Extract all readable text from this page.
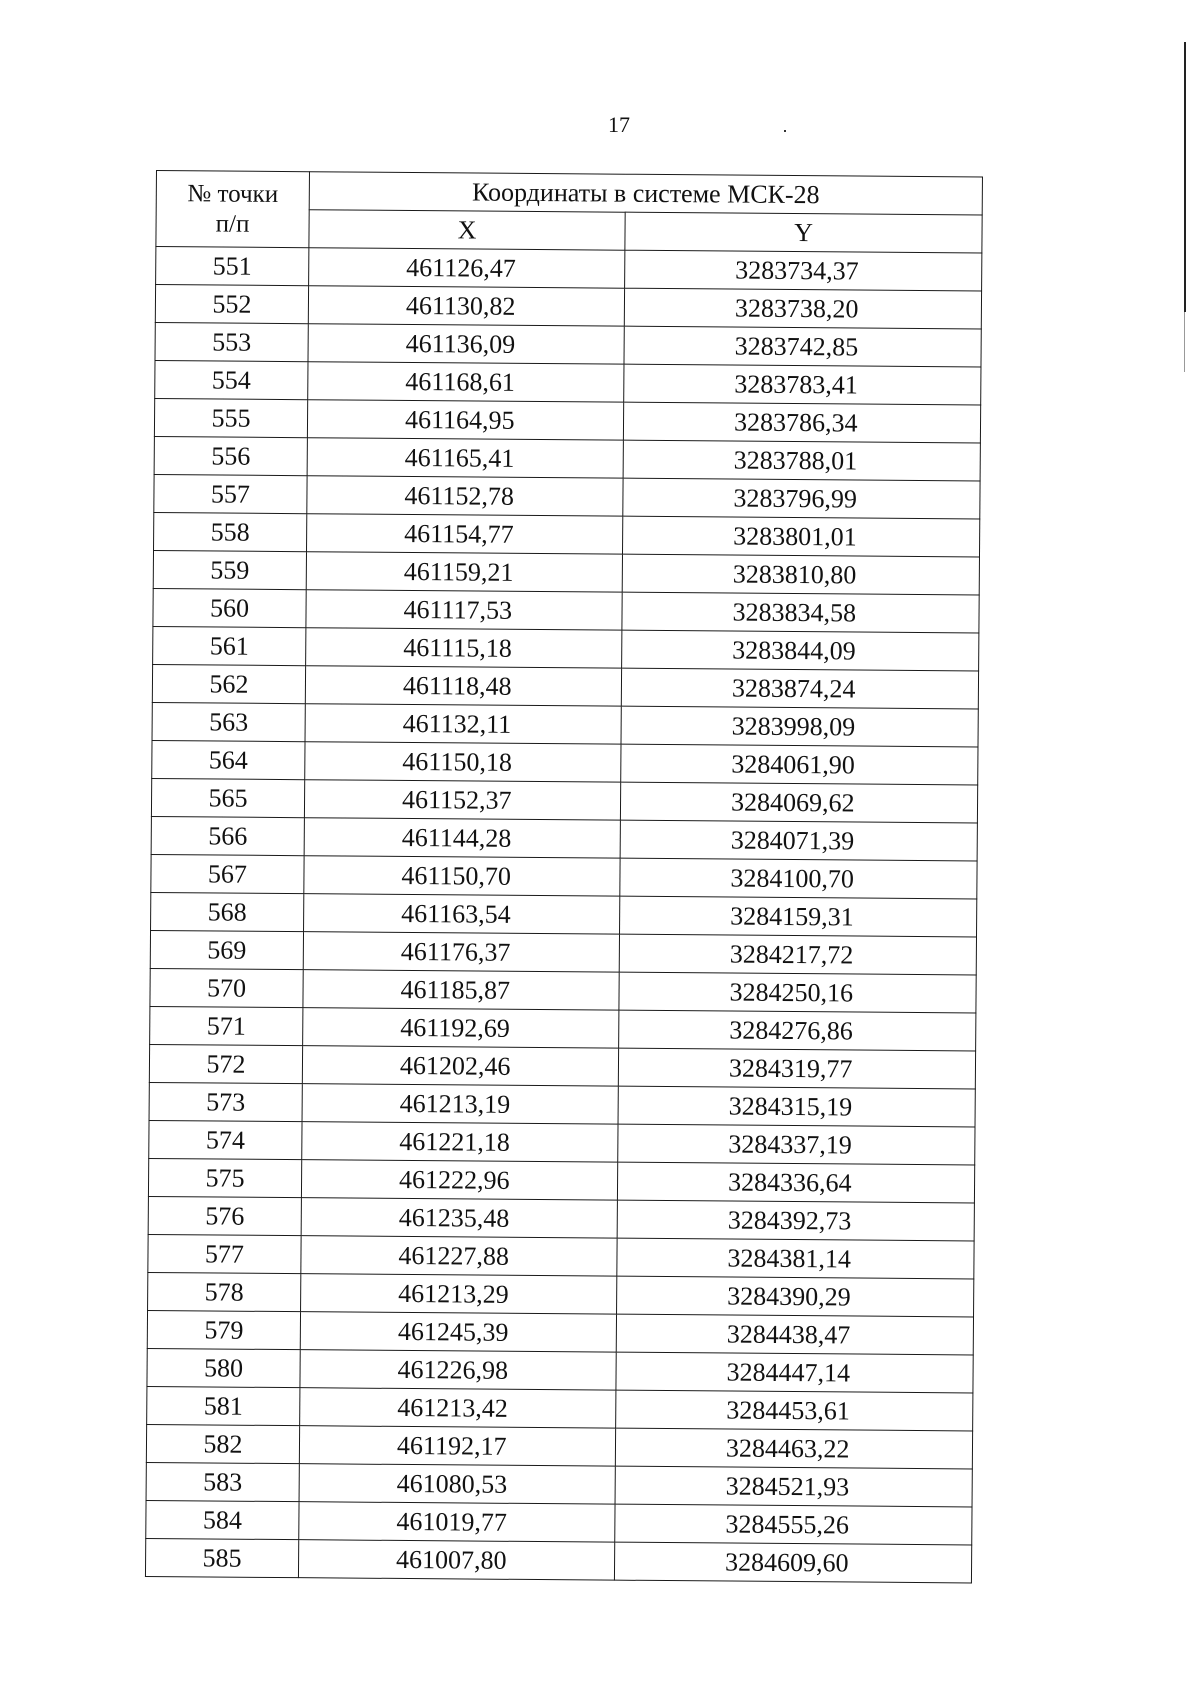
17
№ точки
п/п	Координаты в системе МСК-28	
	X	Y
551	461126,47	3283734,37
552	461130,82	3283738,20
553	461136,09	3283742,85
554	461168,61	3283783,41
555	461164,95	3283786,34
556	461165,41	3283788,01
557	461152,78	3283796,99
558	461154,77	3283801,01
559	461159,21	3283810,80
560	461117,53	3283834,58
561	461115,18	3283844,09
562	461118,48	3283874,24
563	461132,11	3283998,09
564	461150,18	3284061,90
565	461152,37	3284069,62
566	461144,28	3284071,39
567	461150,70	3284100,70
568	461163,54	3284159,31
569	461176,37	3284217,72
570	461185,87	3284250,16
571	461192,69	3284276,86
572	461202,46	3284319,77
573	461213,19	3284315,19
574	461221,18	3284337,19
575	461222,96	3284336,64
576	461235,48	3284392,73
577	461227,88	3284381,14
578	461213,29	3284390,29
579	461245,39	3284438,47
580	461226,98	3284447,14
581	461213,42	3284453,61
582	461192,17	3284463,22
583	461080,53	3284521,93
584	461019,77	3284555,26
585	461007,80	3284609,60
